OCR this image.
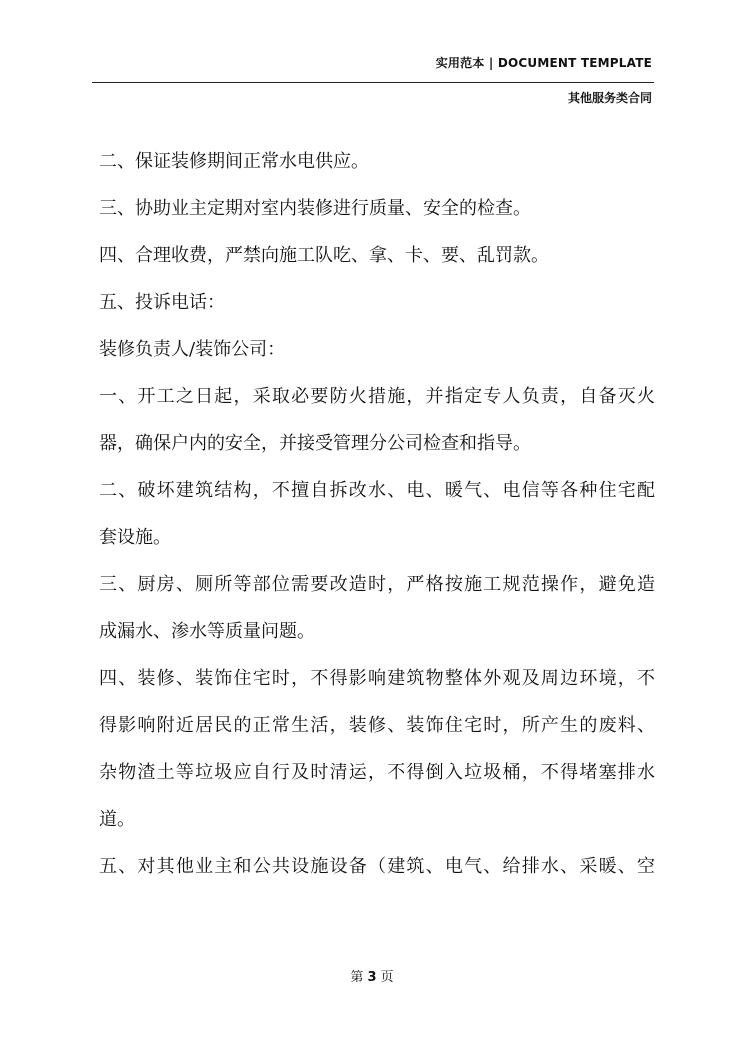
实用范本 | DOCUMENT TEMPLATE
其他服务类合同
二、保证装修期间正常水电供应。
三、协助业主定期对室内装修进行质量、安全的检查。
四、合理收费，严禁向施工队吃、拿、卡、要、乱罚款。
五、投诉电话：
装修负责人/装饰公司：
一、开工之日起，采取必要防火措施，并指定专人负责，自备灭火
器，确保户内的安全，并接受管理分公司检查和指导。
二、破坏建筑结构，不擅自拆改水、电、暖气、电信等各种住宅配
套设施。
三、厨房、厕所等部位需要改造时，严格按施工规范操作，避免造
成漏水、渗水等质量问题。
四、装修、装饰住宅时，不得影响建筑物整体外观及周边环境，不
得影响附近居民的正常生活，装修、装饰住宅时，所产生的废料、
杂物渣土等垃圾应自行及时清运，不得倒入垃圾桶，不得堵塞排水
道。
五、对其他业主和公共设施设备（建筑、电气、给排水、采暖、空
第 3 页
